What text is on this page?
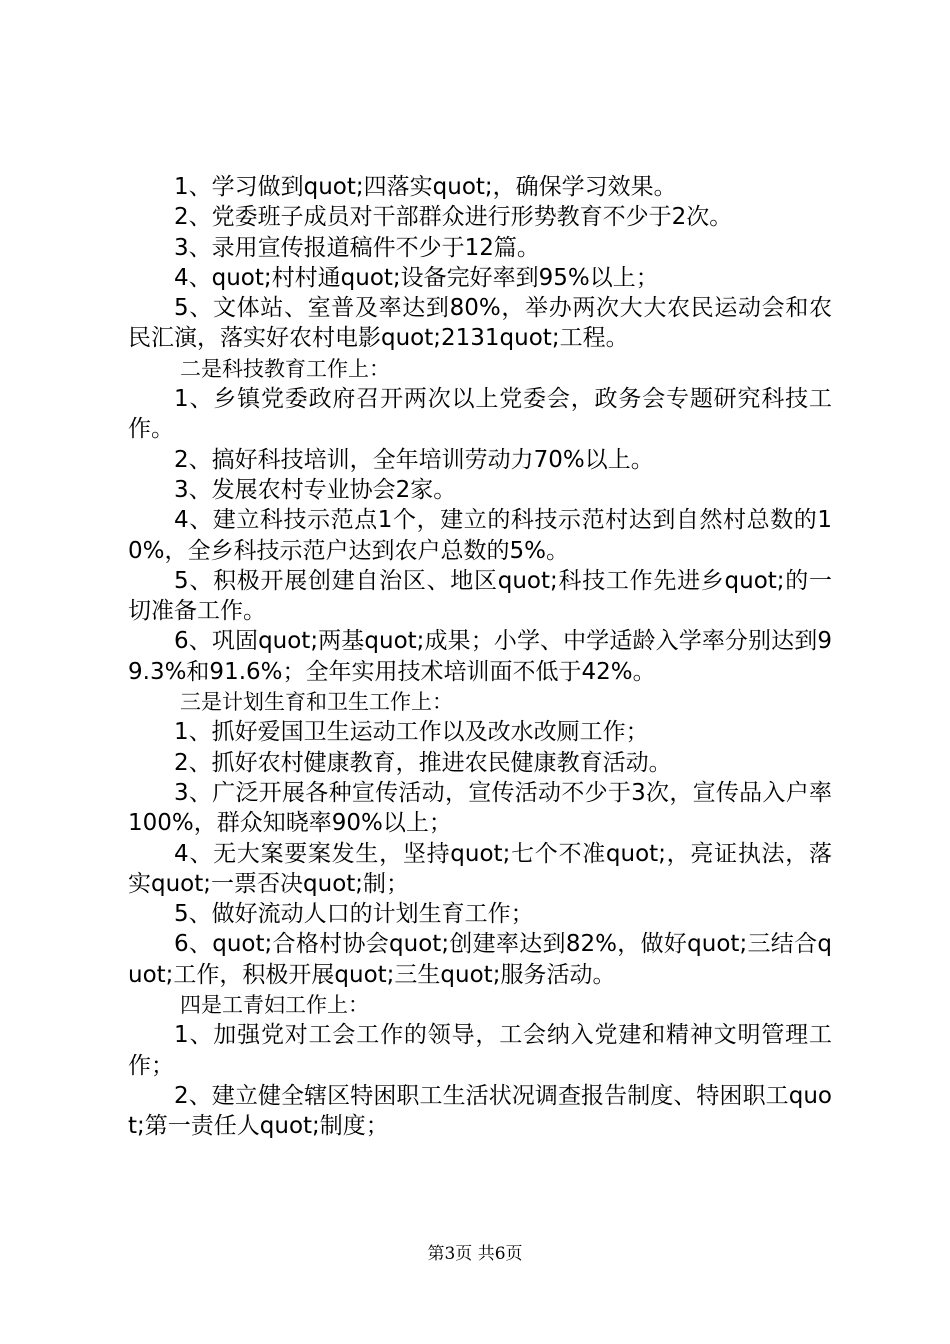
1、学习做到quot;四落实quot;，确保学习效果。

2、党委班子成员对干部群众进行形势教育不少于2次。

3、录用宣传报道稿件不少于12篇。

4、quot;村村通quot;设备完好率到95%以上；

5、文体站、室普及率达到80%，举办两次大大农民运动会和农民汇演，落实好农村电影quot;2131quot;工程。

二是科技教育工作上：

1、乡镇党委政府召开两次以上党委会，政务会专题研究科技工作。

2、搞好科技培训，全年培训劳动力70%以上。

3、发展农村专业协会2家。

4、建立科技示范点1个，建立的科技示范村达到自然村总数的10%，全乡科技示范户达到农户总数的5%。

5、积极开展创建自治区、地区quot;科技工作先进乡quot;的一切准备工作。

6、巩固quot;两基quot;成果；小学、中学适龄入学率分别达到99.3%和91.6%；全年实用技术培训面不低于42%。

三是计划生育和卫生工作上：

1、抓好爱国卫生运动工作以及改水改厕工作；

2、抓好农村健康教育，推进农民健康教育活动。

3、广泛开展各种宣传活动，宣传活动不少于3次，宣传品入户率100%，群众知晓率90%以上；

4、无大案要案发生，坚持quot;七个不准quot;，亮证执法，落实quot;一票否决quot;制；

5、做好流动人口的计划生育工作；

6、quot;合格村协会quot;创建率达到82%，做好quot;三结合quot;工作，积极开展quot;三生quot;服务活动。

四是工青妇工作上：

1、加强党对工会工作的领导，工会纳入党建和精神文明管理工作；

2、建立健全辖区特困职工生活状况调查报告制度、特困职工quot;第一责任人quot;制度；

第3页 共6页
